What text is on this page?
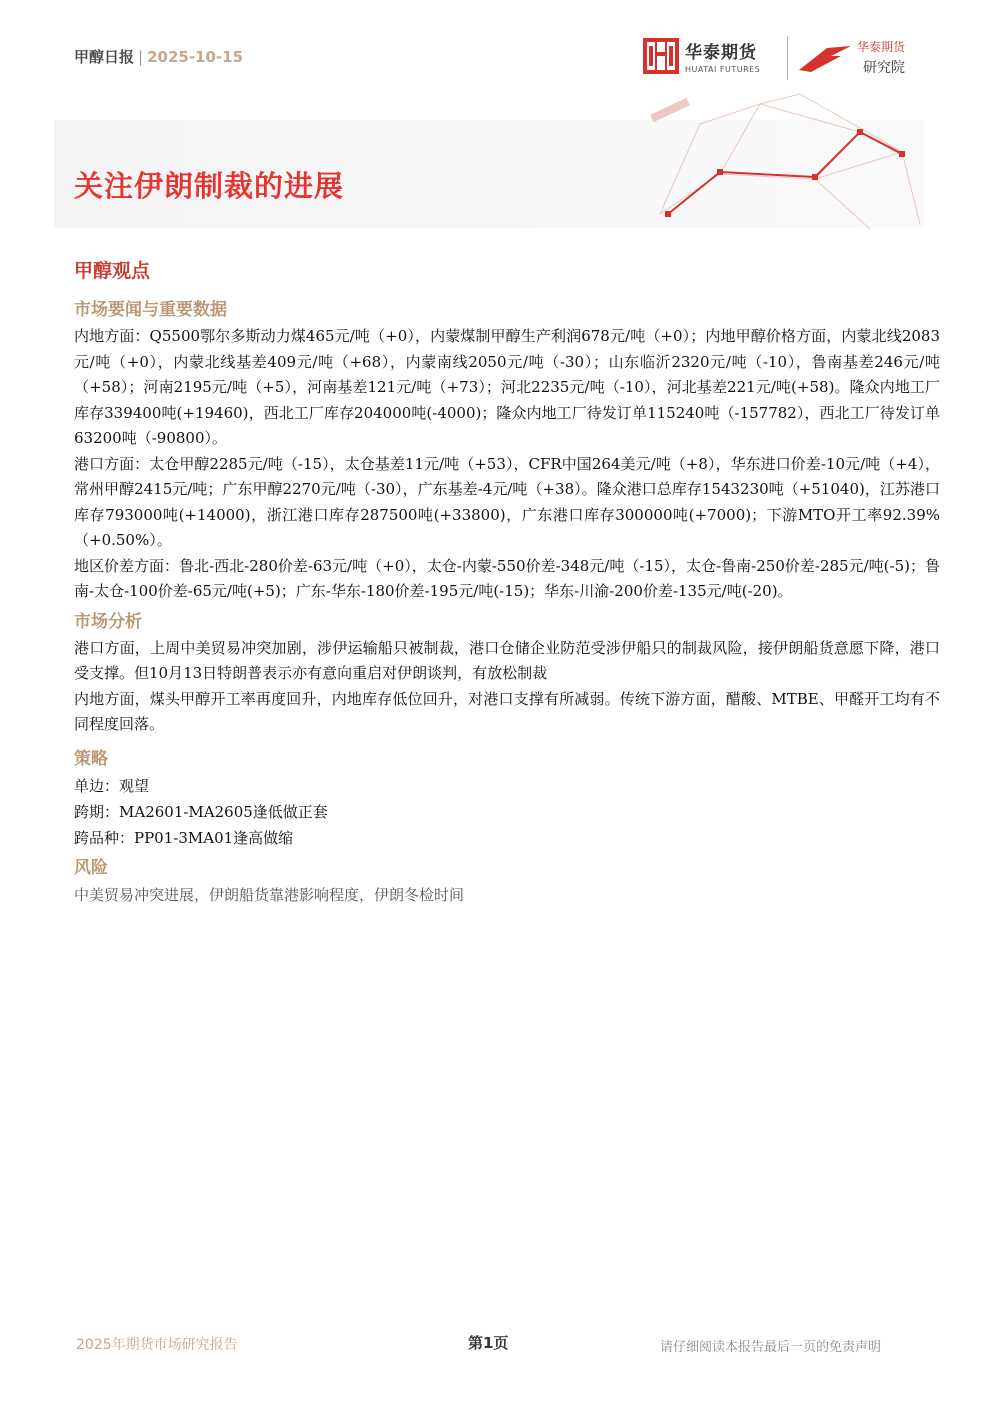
甲醇日报 | 2025-10-15	华泰期货
HUATAI FUTURES
华泰期货
研究院
关注伊朗制裁的进展
甲醇观点
市场要闻与重要数据

内地方面：Q5500鄂尔多斯动力煤465元/吨（+0），内蒙煤制甲醇生产利润678元/吨（+0）；内地甲醇价格方面，内蒙北线2083元/吨（+0），内蒙北线基差409元/吨（+68），内蒙南线2050元/吨（-30）；山东临沂2320元/吨（-10），鲁南基差246元/吨（+58）；河南2195元/吨（+5），河南基差121元/吨（+73）；河北2235元/吨（-10），河北基差221元/吨(+58)。隆众内地工厂库存339400吨(+19460)，西北工厂库存204000吨(-4000)；隆众内地工厂待发订单115240吨（-157782），西北工厂待发订单63200吨（-90800）。

港口方面：太仓甲醇2285元/吨（-15），太仓基差11元/吨（+53），CFR中国264美元/吨（+8），华东进口价差-10元/吨（+4），常州甲醇2415元/吨；广东甲醇2270元/吨（-30），广东基差-4元/吨（+38）。隆众港口总库存1543230吨（+51040)，江苏港口库存793000吨(+14000)，浙江港口库存287500吨(+33800)，广东港口库存300000吨(+7000)；下游MTO开工率92.39%（+0.50%）。

地区价差方面：鲁北-西北-280价差-63元/吨（+0），太仓-内蒙-550价差-348元/吨（-15），太仓-鲁南-250价差-285元/吨(-5)；鲁南-太仓-100价差-65元/吨(+5)；广东-华东-180价差-195元/吨(-15)；华东-川渝-200价差-135元/吨(-20)。

市场分析

港口方面，上周中美贸易冲突加剧，涉伊运输船只被制裁，港口仓储企业防范受涉伊船只的制裁风险，接伊朗船货意愿下降，港口受支撑。但10月13日特朗普表示亦有意向重启对伊朗谈判，有放松制裁

内地方面，煤头甲醇开工率再度回升，内地库存低位回升，对港口支撑有所减弱。传统下游方面，醋酸、MTBE、甲醛开工均有不同程度回落。

策略

单边：观望

跨期：MA2601-MA2605逢低做正套

跨品种：PP01-3MA01逢高做缩

风险

中美贸易冲突进展，伊朗船货靠港影响程度，伊朗冬检时间

2025年期货市场研究报告	第1页	请仔细阅读本报告最后一页的免责声明
